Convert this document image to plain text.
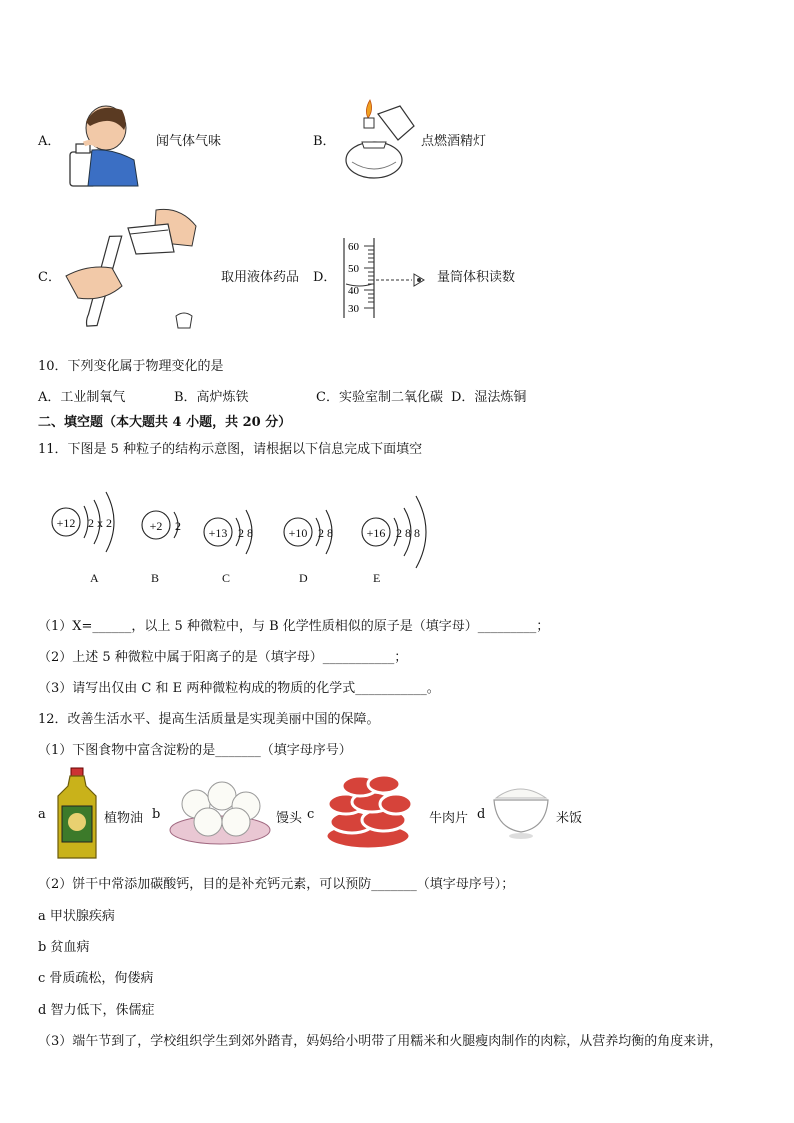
A．	闻气体气味	B．	点燃酒精灯
C．	取用液体药品 D．
60
50
40
30
量筒体积读数
10．下列变化属于物理变化的是
A．工业制氧气	B．高炉炼铁	C．实验室制二氧化碳 D．湿法炼铜
二、填空题（本大题共 4 小题，共 20 分）
11．下图是 5 种粒子的结构示意图，请根据以下信息完成下面填空
+12 2 x 2	+2 2 +13 2 8	+10 2 8	+16 2 8 8
A	B	C	D	E
（1）X=______，以上 5 种微粒中，与 B 化学性质相似的原子是（填字母）_________；
（2）上述 5 种微粒中属于阳离子的是（填字母）___________；
（3）请写出仅由 C 和 E 两种微粒构成的物质的化学式___________。
12．改善生活水平、提高生活质量是实现美丽中国的保障。
（1）下图食物中富含淀粉的是_______（填字母序号）
a	植物油 b	馒头 c	牛肉片 d	米饭
（2）饼干中常添加碳酸钙，目的是补充钙元素，可以预防_______（填字母序号）；
a 甲状腺疾病
b 贫血病
c 骨质疏松，佝偻病
d 智力低下，侏儒症
（3）端午节到了，学校组织学生到郊外踏青，妈妈给小明带了用糯米和火腿瘦肉制作的肉粽，从营养均衡的角度来讲，
